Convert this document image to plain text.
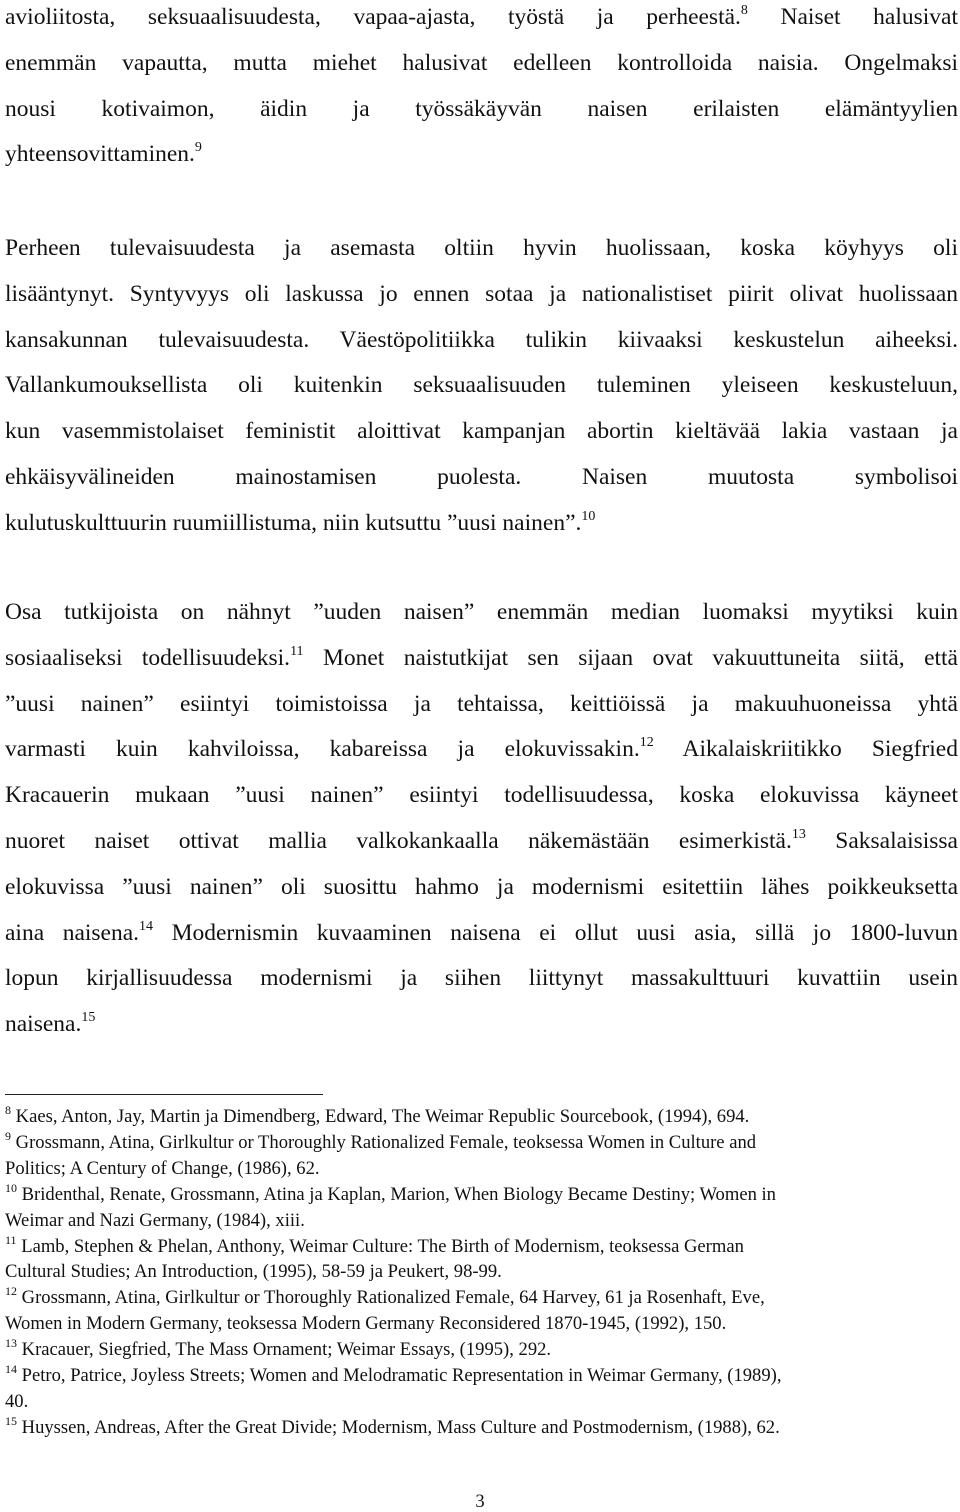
avioliitosta, seksuaalisuudesta, vapaa-ajasta, työstä ja perheestä.$^8$ Naiset halusivat
enemmän vapautta, mutta miehet halusivat edelleen kontrolloida naisia. Ongelmaksi
nousi kotivaimon, äidin ja työssäkäyvän naisen erilaisten elämäntyylien
yhteensovittaminen.$^9$
Perheen tulevaisuudesta ja asemasta oltiin hyvin huolissaan, koska köyhyys oli
lisääntynyt. Syntyvyys oli laskussa jo ennen sotaa ja nationalistiset piirit olivat huolissaan
kansakunnan tulevaisuudesta. Väestöpolitiikka tulikin kiivaaksi keskustelun aiheeksi.
Vallankumouksellista oli kuitenkin seksuaalisuuden tuleminen yleiseen keskusteluun,
kun vasemmistolaiset feministit aloittivat kampanjan abortin kieltävää lakia vastaan ja
ehkäisyvälineiden mainostamisen puolesta. Naisen muutosta symbolisoi
kulutuskulttuurin ruumiillistuma, niin kutsuttu ”uusi nainen”.$^{10}$
Osa tutkijoista on nähnyt ”uuden naisen” enemmän median luomaksi myytiksi kuin
sosiaaliseksi todellisuudeksi.$^{11}$ Monet naistutkijat sen sijaan ovat vakuuttuneita siitä, että
”uusi nainen” esiintyi toimistoissa ja tehtaissa, keittiöissä ja makuuhuoneissa yhtä
varmasti kuin kahviloissa, kabareissa ja elokuvissakin.$^{12}$ Aikalaiskriitikko Siegfried
Kracauerin mukaan ”uusi nainen” esiintyi todellisuudessa, koska elokuvissa käyneet
nuoret naiset ottivat mallia valkokankaalla näkemästään esimerkistä.$^{13}$ Saksalaisissa
elokuvissa ”uusi nainen” oli suosittu hahmo ja modernismi esitettiin lähes poikkeuksetta
aina naisena.$^{14}$ Modernismin kuvaaminen naisena ei ollut uusi asia, sillä jo 1800-luvun
lopun kirjallisuudessa modernismi ja siihen liittynyt massakulttuuri kuvattiin usein
naisena.$^{15}$
$^8$ Kaes, Anton, Jay, Martin ja Dimendberg, Edward, The Weimar Republic Sourcebook, (1994), 694.
$^9$ Grossmann, Atina, Girlkultur or Thoroughly Rationalized Female, teoksessa Women in Culture and
Politics; A Century of Change, (1986), 62.
$^{10}$ Bridenthal, Renate, Grossmann, Atina ja Kaplan, Marion, When Biology Became Destiny; Women in
Weimar and Nazi Germany, (1984), xiii.
$^{11}$ Lamb, Stephen & Phelan, Anthony, Weimar Culture: The Birth of Modernism, teoksessa German
Cultural Studies; An Introduction, (1995), 58-59 ja Peukert, 98-99.
$^{12}$ Grossmann, Atina, Girlkultur or Thoroughly Rationalized Female, 64 Harvey, 61 ja Rosenhaft, Eve,
Women in Modern Germany, teoksessa Modern Germany Reconsidered 1870-1945, (1992), 150.
$^{13}$ Kracauer, Siegfried, The Mass Ornament; Weimar Essays, (1995), 292.
$^{14}$ Petro, Patrice, Joyless Streets; Women and Melodramatic Representation in Weimar Germany, (1989),
40.
$^{15}$ Huyssen, Andreas, After the Great Divide; Modernism, Mass Culture and Postmodernism, (1988), 62.
3
